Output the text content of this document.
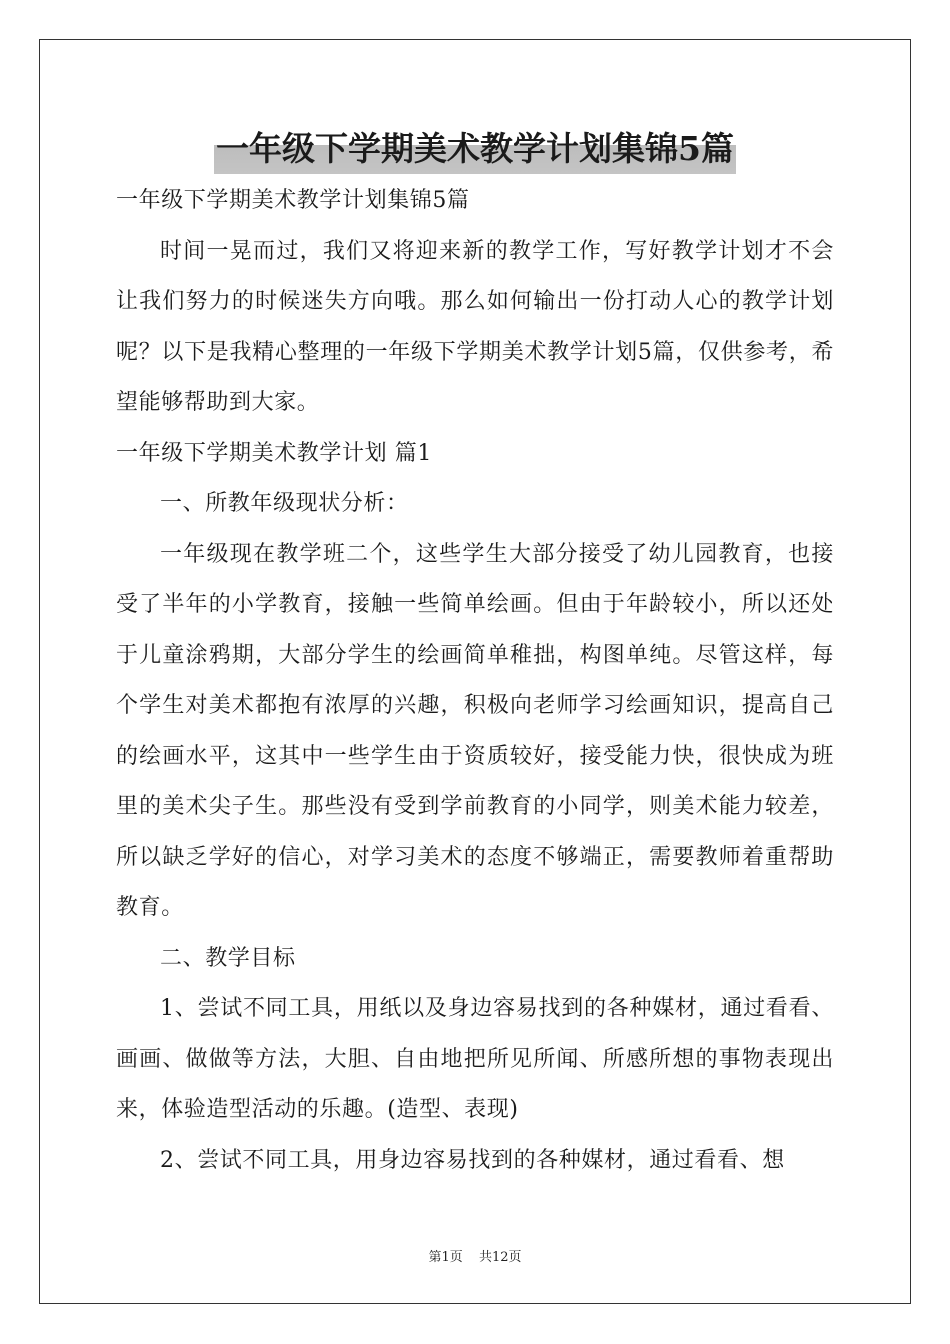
一年级下学期美术教学计划集锦5篇

一年级下学期美术教学计划集锦5篇

时间一晃而过，我们又将迎来新的教学工作，写好教学计划才不会让我们努力的时候迷失方向哦。那么如何输出一份打动人心的教学计划呢？以下是我精心整理的一年级下学期美术教学计划5篇，仅供参考，希望能够帮助到大家。

一年级下学期美术教学计划 篇1

一、所教年级现状分析：

一年级现在教学班二个，这些学生大部分接受了幼儿园教育，也接受了半年的小学教育，接触一些简单绘画。但由于年龄较小，所以还处于儿童涂鸦期，大部分学生的绘画简单稚拙，构图单纯。尽管这样，每个学生对美术都抱有浓厚的兴趣，积极向老师学习绘画知识，提高自己的绘画水平，这其中一些学生由于资质较好，接受能力快，很快成为班里的美术尖子生。那些没有受到学前教育的小同学，则美术能力较差，所以缺乏学好的信心，对学习美术的态度不够端正，需要教师着重帮助教育。

二、教学目标

1、尝试不同工具，用纸以及身边容易找到的各种媒材，通过看看、画画、做做等方法，大胆、自由地把所见所闻、所感所想的事物表现出来，体验造型活动的乐趣。(造型、表现)

2、尝试不同工具，用身边容易找到的各种媒材，通过看看、想

第1页 共12页
